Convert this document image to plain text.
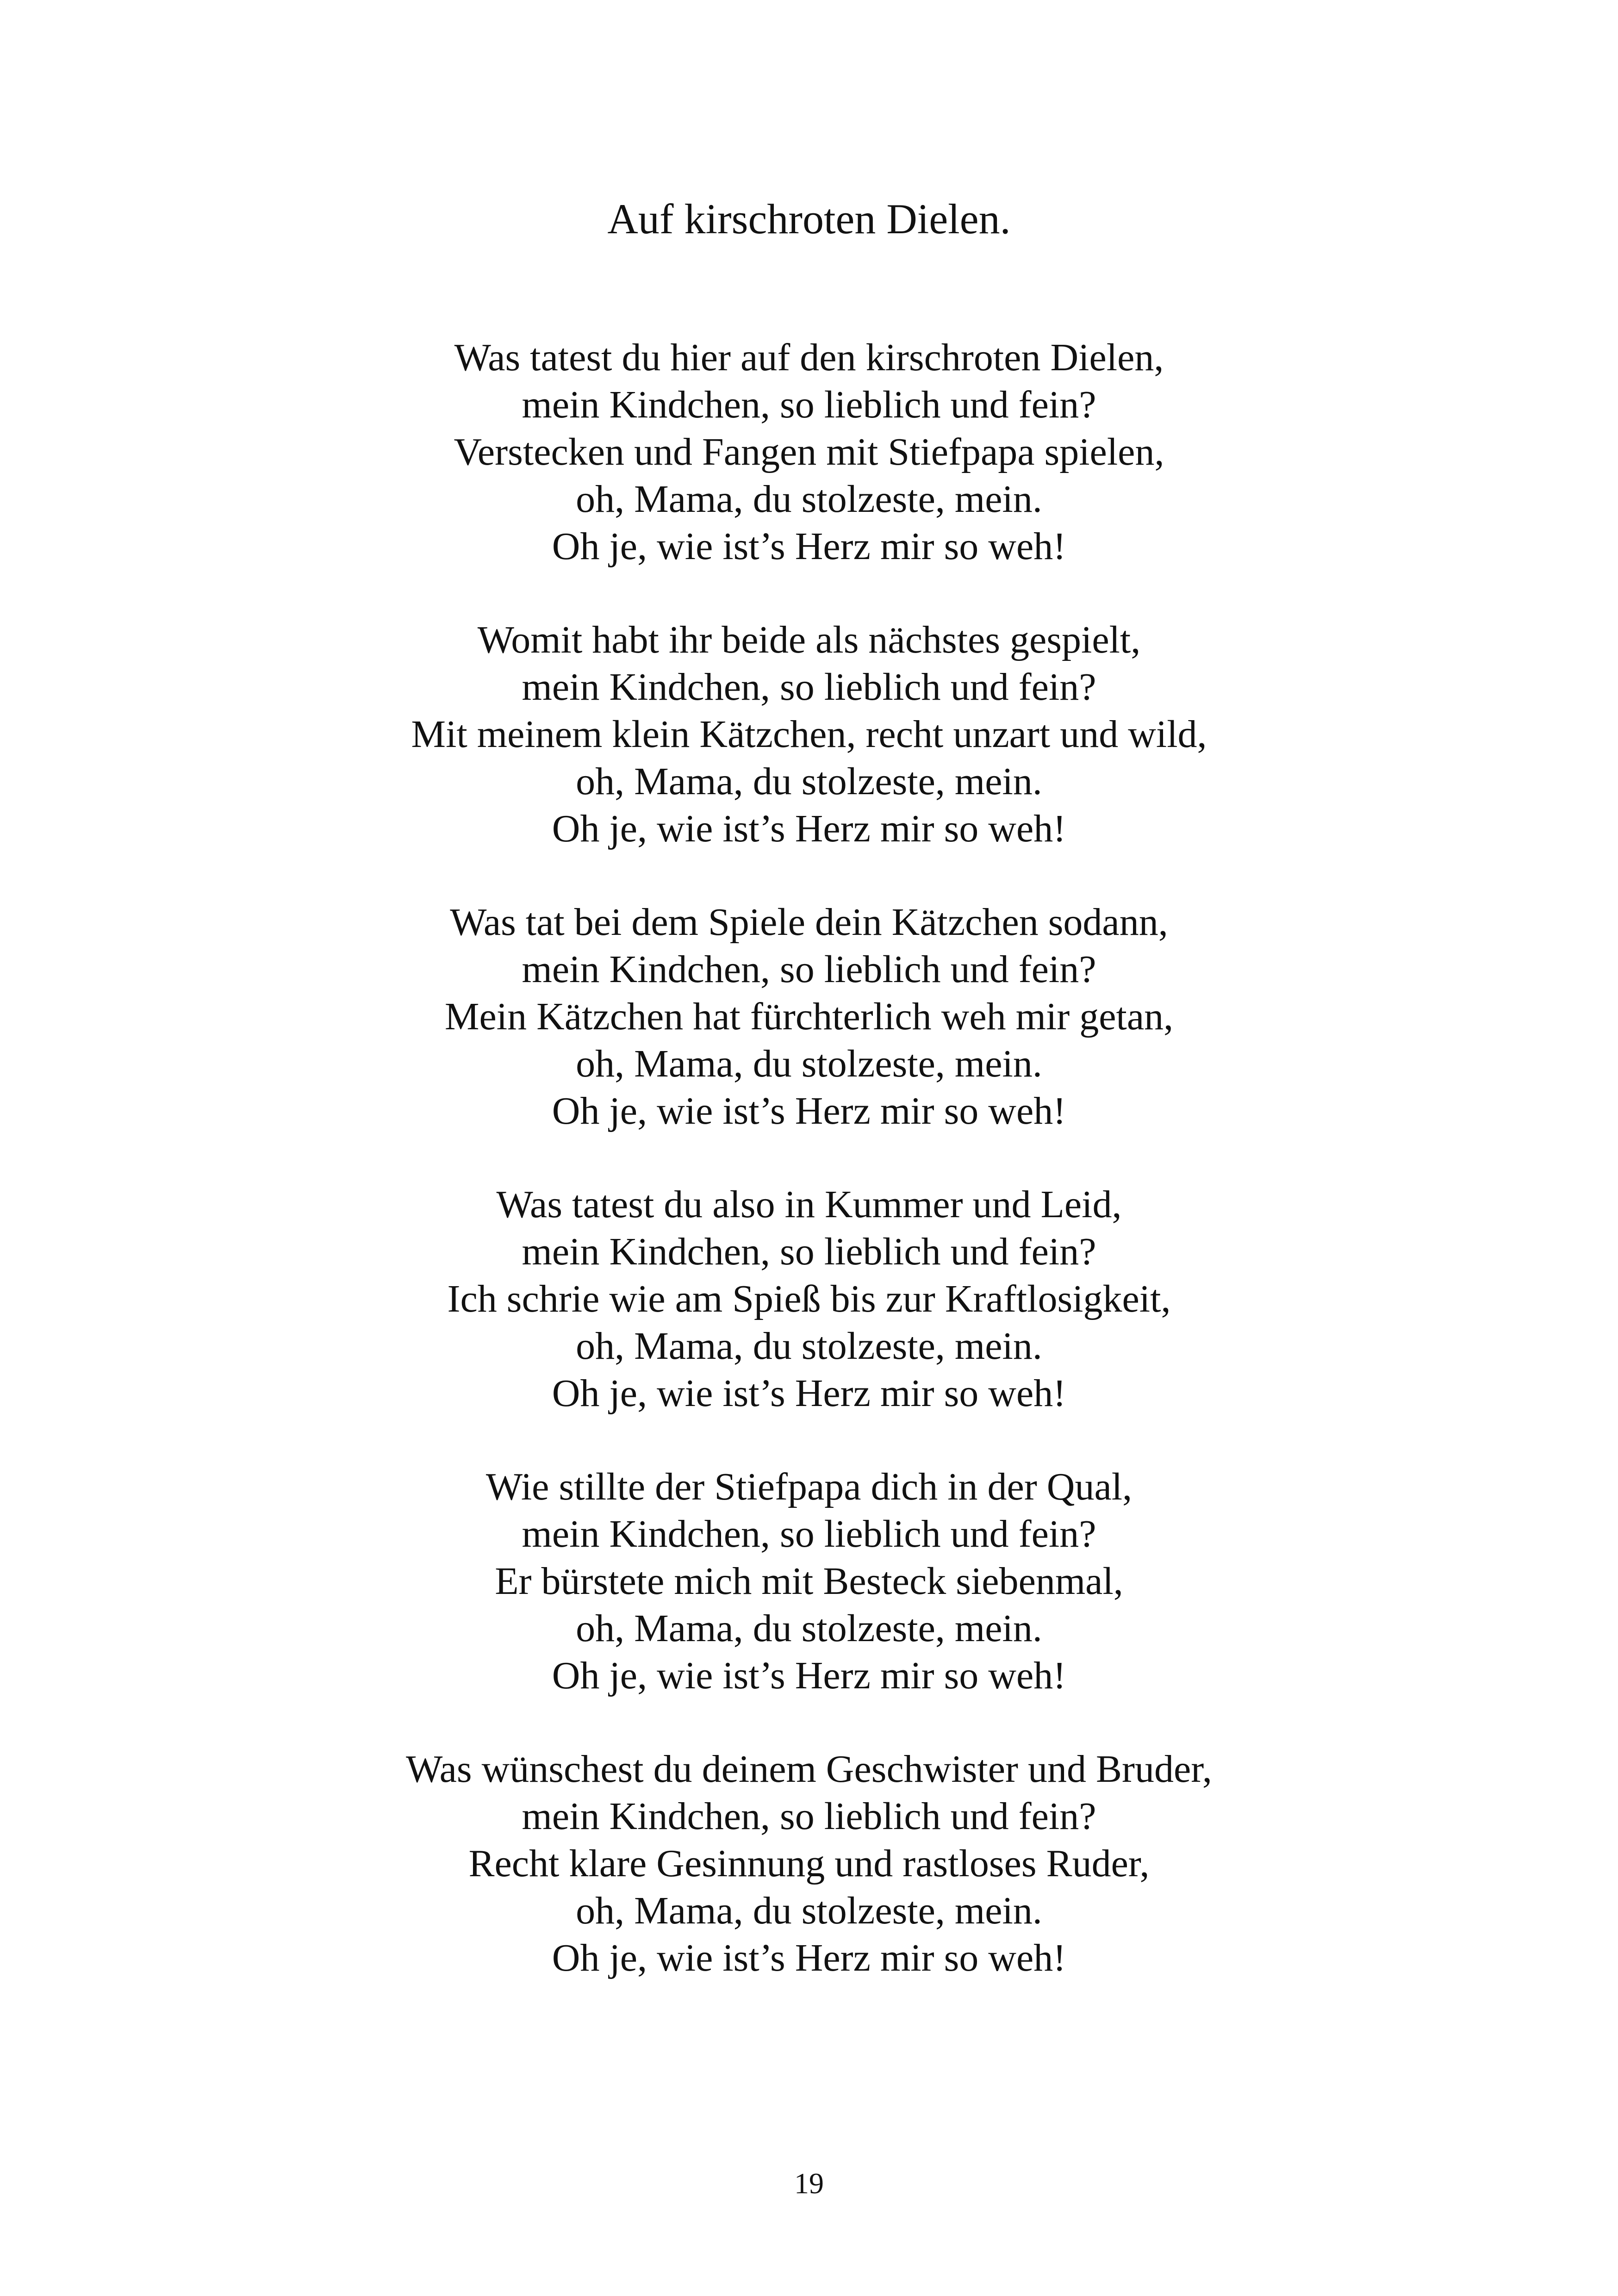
Auf kirschroten Dielen.
Was tatest du hier auf den kirschroten Dielen,
mein Kindchen, so lieblich und fein?
Verstecken und Fangen mit Stiefpapa spielen,
oh, Mama, du stolzeste, mein.
Oh je, wie ist’s Herz mir so weh!
Womit habt ihr beide als nächstes gespielt,
mein Kindchen, so lieblich und fein?
Mit meinem klein Kätzchen, recht unzart und wild,
oh, Mama, du stolzeste, mein.
Oh je, wie ist’s Herz mir so weh!
Was tat bei dem Spiele dein Kätzchen sodann,
mein Kindchen, so lieblich und fein?
Mein Kätzchen hat fürchterlich weh mir getan,
oh, Mama, du stolzeste, mein.
Oh je, wie ist’s Herz mir so weh!
Was tatest du also in Kummer und Leid,
mein Kindchen, so lieblich und fein?
Ich schrie wie am Spieß bis zur Kraftlosigkeit,
oh, Mama, du stolzeste, mein.
Oh je, wie ist’s Herz mir so weh!
Wie stillte der Stiefpapa dich in der Qual,
mein Kindchen, so lieblich und fein?
Er bürstete mich mit Besteck siebenmal,
oh, Mama, du stolzeste, mein.
Oh je, wie ist’s Herz mir so weh!
Was wünschest du deinem Geschwister und Bruder,
mein Kindchen, so lieblich und fein?
Recht klare Gesinnung und rastloses Ruder,
oh, Mama, du stolzeste, mein.
Oh je, wie ist’s Herz mir so weh!
19
